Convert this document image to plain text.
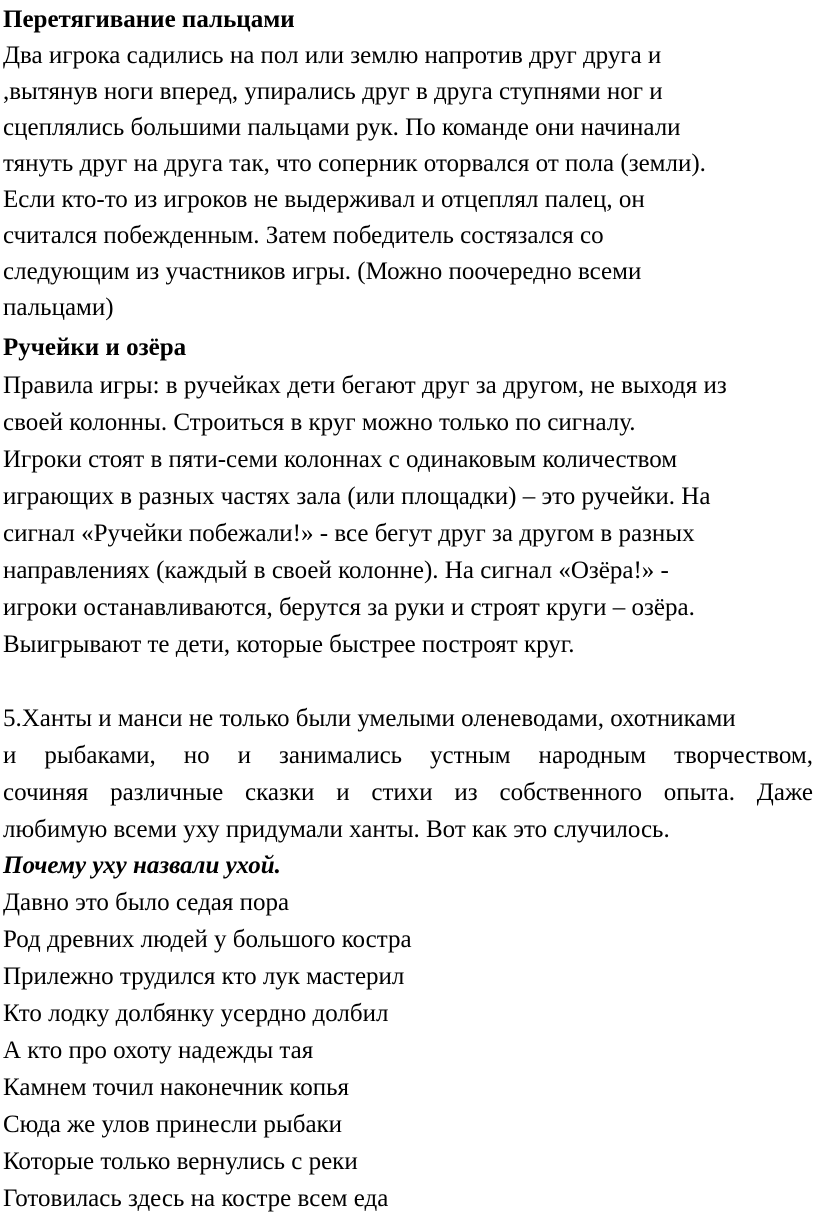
Перетягивание пальцами
Два игрока садились на пол или землю напротив друг друга и
,вытянув ноги вперед, упирались друг в друга ступнями ног и
сцеплялись большими пальцами рук. По команде они начинали
тянуть друг на друга так, что соперник оторвался от пола (земли).
Если кто-то из игроков не выдерживал и отцеплял палец, он
считался побежденным. Затем победитель состязался со
следующим из участников игры. (Можно поочередно всеми
пальцами)
Ручейки и озёра
Правила игры: в ручейках дети бегают друг за другом, не выходя из
своей колонны. Строиться в круг можно только по сигналу.
Игроки стоят в пяти-семи колоннах с одинаковым количеством
играющих в разных частях зала (или площадки) – это ручейки. На
сигнал «Ручейки побежали!» - все бегут друг за другом в разных
направлениях (каждый в своей колонне). На сигнал «Озёра!» -
игроки останавливаются, берутся за руки и строят круги – озёра.
Выигрывают те дети, которые быстрее построят круг.
5.Ханты и манси не только были умелыми оленеводами, охотниками
и рыбаками, но и занимались устным народным творчеством,
сочиняя различные сказки и стихи из собственного опыта. Даже
любимую всеми уху придумали ханты. Вот как это случилось.
Почему уху назвали ухой.
Давно это было седая пора
Род древних людей у большого костра
Прилежно трудился кто лук мастерил
Кто лодку долбянку усердно долбил
А кто про охоту надежды тая
Камнем точил наконечник копья
Сюда же улов принесли рыбаки
Которые только вернулись с реки
Готовилась здесь на костре всем еда
